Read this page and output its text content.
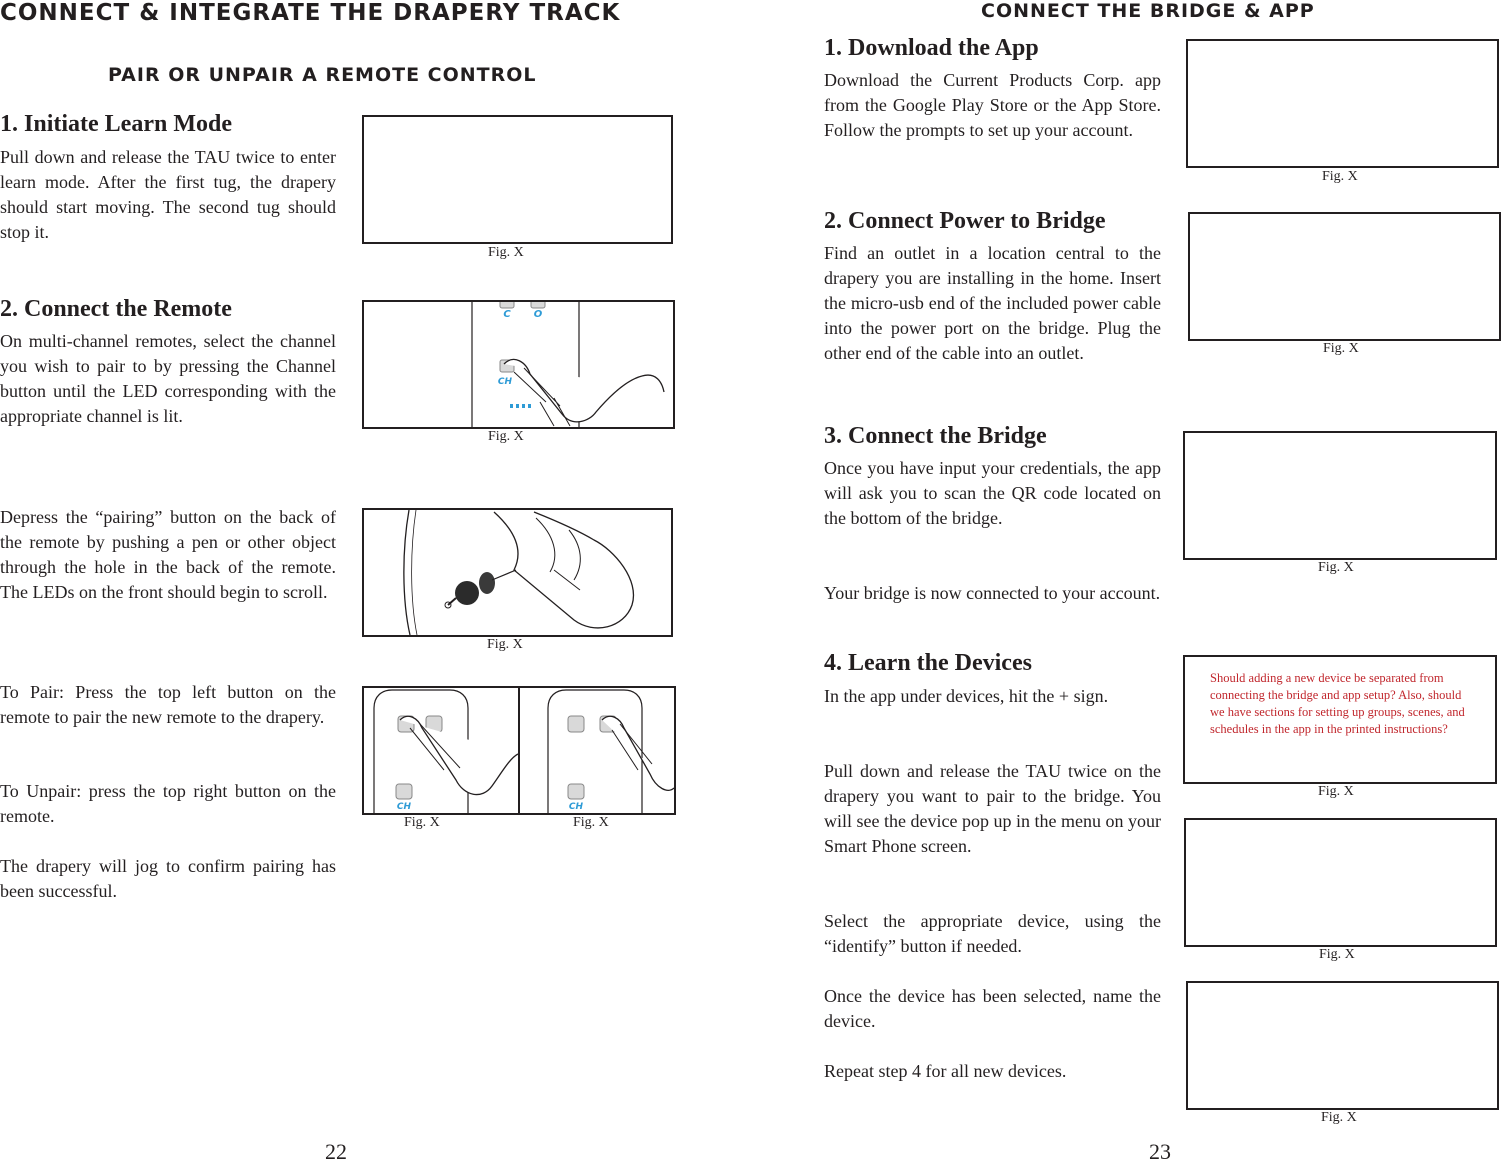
CONNECT & INTEGRATE THE DRAPERY TRACK
PAIR OR UNPAIR A REMOTE CONTROL
1. Initiate Learn Mode

Pull down and release the TAU twice to enter learn mode. After the first tug, the drapery should start moving. The second tug should stop it.

Fig. X
2. Connect the Remote

On multi-channel remotes, select the channel you wish to pair to by pressing the Channel button until the LED corresponding with the appropriate channel is lit.

C O
CH
Fig. X

Depress the “pairing” button on the back of the remote by pushing a pen or other object through the hole in the back of the remote. The LEDs on the front should begin to scroll.

Fig. X

To Pair: Press the top left button on the remote to pair the new remote to the drapery.

To Unpair: press the top right button on the remote.

The drapery will jog to confirm pairing has been successful.

CH	CH
Fig. X	Fig. X
22
CONNECT THE BRIDGE & APP
1. Download the App

Download the Current Products Corp. app from the Google Play Store or the App Store. Follow the prompts to set up your account.

Fig. X
2. Connect Power to Bridge

Find an outlet in a location central to the drapery you are installing in the home. Insert the micro-usb end of the included power cable into the power port on the bridge. Plug the other end of the cable into an outlet.	Fig. X
3. Connect the Bridge

Once you have input your credentials, the app will ask you to scan the QR code located on the bottom of the bridge.

Your bridge is now connected to your account.

Fig. X
4. Learn the Devices

In the app under devices, hit the + sign.

Pull down and release the TAU twice on the drapery you want to pair to the bridge. You will see the device pop up in the menu on your Smart Phone screen.

Select the appropriate device, using the “identify” button if needed.

Once the device has been selected, name the device.

Repeat step 4 for all new devices.

Should adding a new device be separated from connecting the bridge and app setup? Also, should we have sections for setting up groups, scenes, and schedules in the app in the printed instructions?

Fig. X
Fig. X
Fig. X
23
